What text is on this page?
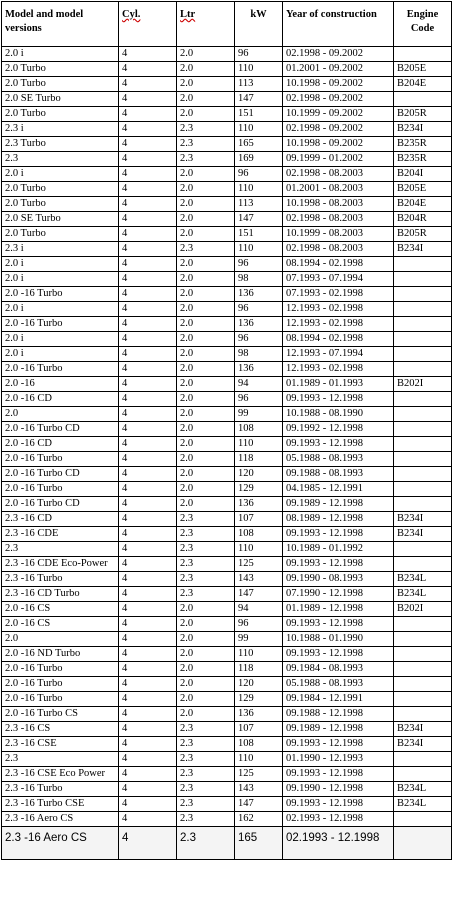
Model and model versions	Cyl.	Ltr	kW	Year of construction	Engine Code
2.0 i	4	2.0	96	02.1998 - 09.2002	
2.0 Turbo	4	2.0	110	01.2001 - 09.2002	B205E
2.0 Turbo	4	2.0	113	10.1998 - 09.2002	B204E
2.0 SE Turbo	4	2.0	147	02.1998 - 09.2002	
2.0 Turbo	4	2.0	151	10.1999 - 09.2002	B205R
2.3 i	4	2.3	110	02.1998 - 09.2002	B234I
2.3 Turbo	4	2.3	165	10.1998 - 09.2002	B235R
2.3	4	2.3	169	09.1999 - 01.2002	B235R
2.0 i	4	2.0	96	02.1998 - 08.2003	B204I
2.0 Turbo	4	2.0	110	01.2001 - 08.2003	B205E
2.0 Turbo	4	2.0	113	10.1998 - 08.2003	B204E
2.0 SE Turbo	4	2.0	147	02.1998 - 08.2003	B204R
2.0 Turbo	4	2.0	151	10.1999 - 08.2003	B205R
2.3 i	4	2.3	110	02.1998 - 08.2003	B234I
2.0 i	4	2.0	96	08.1994 - 02.1998	
2.0 i	4	2.0	98	07.1993 - 07.1994	
2.0 -16 Turbo	4	2.0	136	07.1993 - 02.1998	
2.0 i	4	2.0	96	12.1993 - 02.1998	
2.0 -16 Turbo	4	2.0	136	12.1993 - 02.1998	
2.0 i	4	2.0	96	08.1994 - 02.1998	
2.0 i	4	2.0	98	12.1993 - 07.1994	
2.0 -16 Turbo	4	2.0	136	12.1993 - 02.1998	
2.0 -16	4	2.0	94	01.1989 - 01.1993	B202I
2.0 -16 CD	4	2.0	96	09.1993 - 12.1998	
2.0	4	2.0	99	10.1988 - 08.1990	
2.0 -16 Turbo CD	4	2.0	108	09.1992 - 12.1998	
2.0 -16 CD	4	2.0	110	09.1993 - 12.1998	
2.0 -16 Turbo	4	2.0	118	05.1988 - 08.1993	
2.0 -16 Turbo CD	4	2.0	120	09.1988 - 08.1993	
2.0 -16 Turbo	4	2.0	129	04.1985 - 12.1991	
2.0 -16 Turbo CD	4	2.0	136	09.1989 - 12.1998	
2.3 -16 CD	4	2.3	107	08.1989 - 12.1998	B234I
2.3 -16 CDE	4	2.3	108	09.1993 - 12.1998	B234I
2.3	4	2.3	110	10.1989 - 01.1992	
2.3 -16 CDE Eco-Power	4	2.3	125	09.1993 - 12.1998	
2.3 -16 Turbo	4	2.3	143	09.1990 - 08.1993	B234L
2.3 -16 CD Turbo	4	2.3	147	07.1990 - 12.1998	B234L
2.0 -16 CS	4	2.0	94	01.1989 - 12.1998	B202I
2.0 -16 CS	4	2.0	96	09.1993 - 12.1998	
2.0	4	2.0	99	10.1988 - 01.1990	
2.0 -16 ND Turbo	4	2.0	110	09.1993 - 12.1998	
2.0 -16 Turbo	4	2.0	118	09.1984 - 08.1993	
2.0 -16 Turbo	4	2.0	120	05.1988 - 08.1993	
2.0 -16 Turbo	4	2.0	129	09.1984 - 12.1991	
2.0 -16 Turbo CS	4	2.0	136	09.1988 - 12.1998	
2.3 -16 CS	4	2.3	107	09.1989 - 12.1998	B234I
2.3 -16 CSE	4	2.3	108	09.1993 - 12.1998	B234I
2.3	4	2.3	110	01.1990 - 12.1993	
2.3 -16 CSE Eco Power	4	2.3	125	09.1993 - 12.1998	
2.3 -16 Turbo	4	2.3	143	09.1990 - 12.1998	B234L
2.3 -16 Turbo CSE	4	2.3	147	09.1993 - 12.1998	B234L
2.3 -16 Aero CS	4	2.3	162	02.1993 - 12.1998	
2.3 -16 Aero CS	4	2.3	165	02.1993 - 12.1998	
